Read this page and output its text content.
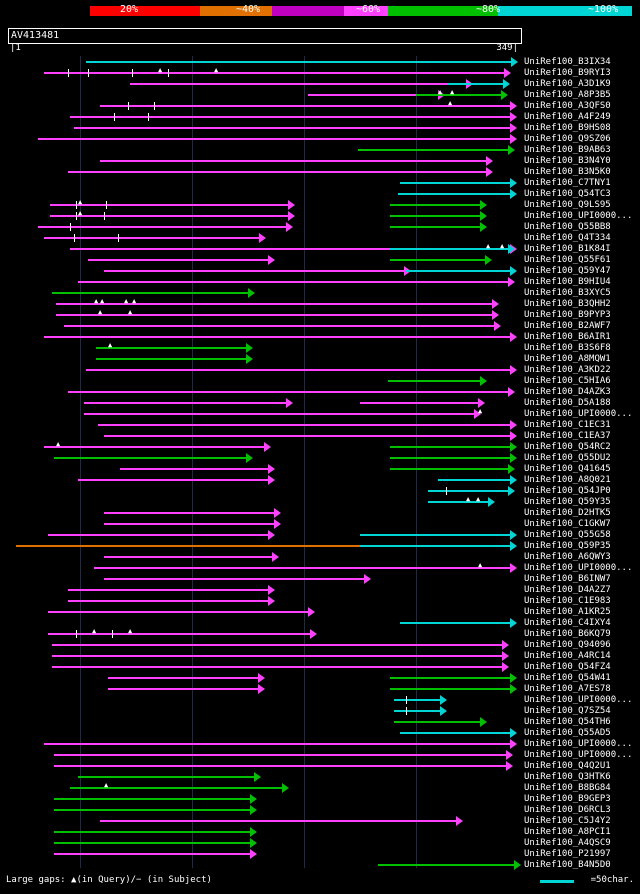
20%	~40%	~60%	~80%	~100%
AV413481
|1	349|
▲	▲
▲ ▲
▲
▲
▲
▲ ▲
▲ ▲	▲ ▲
▲	▲
▲
▲
▲
▲ ▲
▲
▲	▲
▲
UniRef100_B3IX34
UniRef100_B9RYI3
UniRef100_A3D1K9
UniRef100_A8P3B5
UniRef100_A3QFS0
UniRef100_A4F249
UniRef100_B9HS08
UniRef100_Q9SZ06
UniRef100_B9AB63
UniRef100_B3N4Y0
UniRef100_B3N5K0
UniRef100_C7TNY1
UniRef100_Q54TC3
UniRef100_Q9LS95
UniRef100_UPI0000...
UniRef100_Q55BB8
UniRef100_Q4T334
UniRef100_B1K84I
UniRef100_Q55F61
UniRef100_Q59Y47
UniRef100_B9HIU4
UniRef100_B3XYC5
UniRef100_B3QHH2
UniRef100_B9PYP3
UniRef100_B2AWF7
UniRef100_B6AIR1
UniRef100_B3S6F8
UniRef100_A8MQW1
UniRef100_A3KD22
UniRef100_C5HIA6
UniRef100_D4AZK3
UniRef100_D5A188
UniRef100_UPI0000...
UniRef100_C1EC31
UniRef100_C1EA37
UniRef100_Q54RC2
UniRef100_Q55DU2
UniRef100_Q41645
UniRef100_A8Q021
UniRef100_Q54JP0
UniRef100_Q59Y35
UniRef100_D2HTK5
UniRef100_C1GKW7
UniRef100_Q55G58
UniRef100_Q59P35
UniRef100_A6QWY3
UniRef100_UPI0000...
UniRef100_B6INW7
UniRef100_D4A2Z7
UniRef100_C1E983
UniRef100_A1KR25
UniRef100_C4IXY4
UniRef100_B6KQ79
UniRef100_Q94096
UniRef100_A4RC14
UniRef100_Q54FZ4
UniRef100_Q54W41
UniRef100_A7ES78
UniRef100_UPI0000...
UniRef100_Q7SZ54
UniRef100_Q54TH6
UniRef100_Q55AD5
UniRef100_UPI0000...
UniRef100_UPI0000...
UniRef100_Q4Q2U1
UniRef100_Q3HTK6
UniRef100_B8BG84
UniRef100_B9GEP3
UniRef100_D6RCL3
UniRef100_C5J4Y2
UniRef100_A8PCI1
UniRef100_A4QSC9
UniRef100_P21997
UniRef100_B4N5D0
Large gaps: ▲(in Query)/− (in Subject)	=50char.
